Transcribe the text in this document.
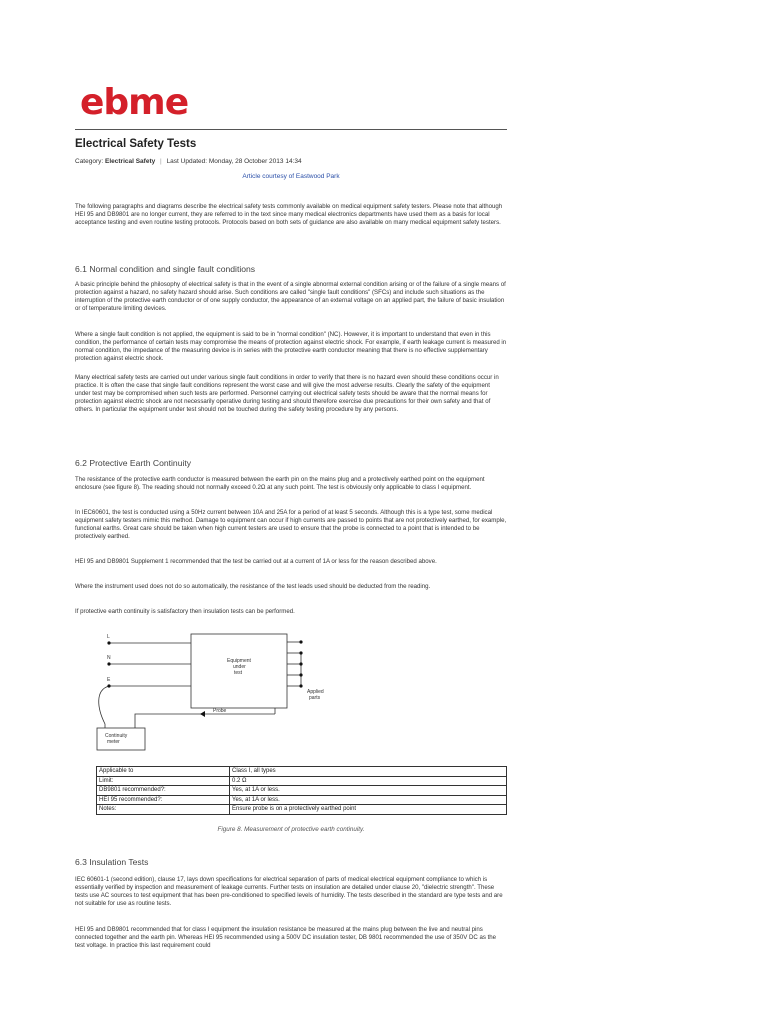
ebme
Electrical Safety Tests
Category: Electrical Safety | Last Updated: Monday, 28 October 2013 14:34
Article courtesy of Eastwood Park

The following paragraphs and diagrams describe the electrical safety tests commonly available on medical equipment safety testers. Please note that although HEI 95 and DB9801 are no longer current, they are referred to in the text since many medical electronics departments have used them as a basis for local acceptance testing and even routine testing protocols. Protocols based on both sets of guidance are also available on many medical equipment safety testers.

6.1 Normal condition and single fault conditions

A basic principle behind the philosophy of electrical safety is that in the event of a single abnormal external condition arising or of the failure of a single means of protection against a hazard, no safety hazard should arise. Such conditions are called "single fault conditions" (SFCs) and include such situations as the interruption of the protective earth conductor or of one supply conductor, the appearance of an external voltage on an applied part, the failure of basic insulation or of temperature limiting devices.

Where a single fault condition is not applied, the equipment is said to be in "normal condition" (NC). However, it is important to understand that even in this condition, the performance of certain tests may compromise the means of protection against electric shock. For example, if earth leakage current is measured in normal condition, the impedance of the measuring device is in series with the protective earth conductor meaning that there is no effective supplementary protection against electric shock.

Many electrical safety tests are carried out under various single fault conditions in order to verify that there is no hazard even should these conditions occur in practice. It is often the case that single fault conditions represent the worst case and will give the most adverse results. Clearly the safety of the equipment under test may be compromised when such tests are performed. Personnel carrying out electrical safety tests should be aware that the normal means for protection against electric shock are not necessarily operative during testing and should therefore exercise due precautions for their own safety and that of others. In particular the equipment under test should not be touched during the safety testing procedure by any persons.

6.2 Protective Earth Continuity

The resistance of the protective earth conductor is measured between the earth pin on the mains plug and a protectively earthed point on the equipment enclosure (see figure 8). The reading should not normally exceed 0.2Ω at any such point. The test is obviously only applicable to class I equipment.

In IEC60601, the test is conducted using a 50Hz current between 10A and 25A for a period of at least 5 seconds. Although this is a type test, some medical equipment safety testers mimic this method. Damage to equipment can occur if high currents are passed to points that are not protectively earthed, for example, functional earths. Great care should be taken when high current testers are used to ensure that the probe is connected to a point that is intended to be protectively earthed.

HEI 95 and DB9801 Supplement 1 recommended that the test be carried out at a current of 1A or less for the reason described above.

Where the instrument used does not do so automatically, the resistance of the test leads used should be deducted from the reading.

If protective earth continuity is satisfactory then insulation tests can be performed.

L
N
E
Equipment
under
test
Applied
parts
Probe
Continuity
meter
Applicable to	Class I, all types
Limit:	0.2 Ω
DB9801 recommended?:	Yes, at 1A or less.
HEI 95 recommended?:	Yes, at 1A or less.
Notes:	Ensure probe is on a protectively earthed point
Figure 8. Measurement of protective earth continuity.
6.3 Insulation Tests

IEC 60601-1 (second edition), clause 17, lays down specifications for electrical separation of parts of medical electrical equipment compliance to which is essentially verified by inspection and measurement of leakage currents. Further tests on insulation are detailed under clause 20, "dielectric strength". These tests use AC sources to test equipment that has been pre-conditioned to specified levels of humidity. The tests described in the standard are type tests and are not suitable for use as routine tests.

HEI 95 and DB9801 recommended that for class I equipment the insulation resistance be measured at the mains plug between the live and neutral pins connected together and the earth pin. Whereas HEI 95 recommended using a 500V DC insulation tester, DB 9801 recommended the use of 350V DC as the test voltage. In practice this last requirement could
